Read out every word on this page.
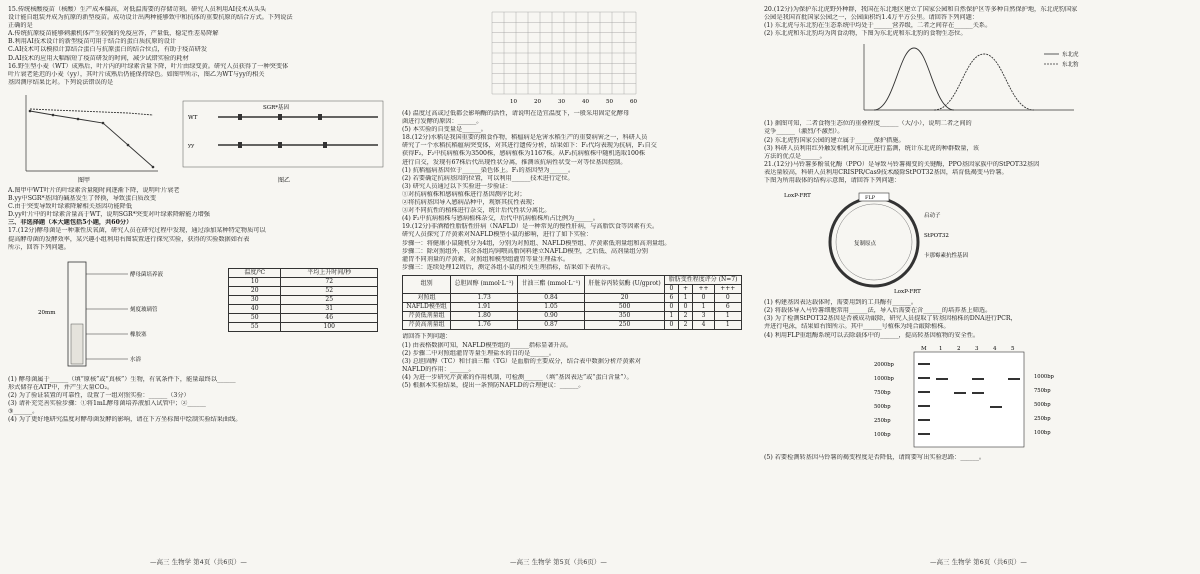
15.传统核酸疫苗（核酸）生产成本偏高，对低温需要的存储苛刻。研究人员利用AI技术从头头
设计能自组装并成为抗原的新型疫苗。成功设计出两种能够致中和抗体的重要抗原的结合方式。下列说法
正确的是
A.传统抗原疫苗能够刺激机体产生较强的免疫应答，产量低，稳定性差易降解
B.利用AI技术设计的新型疫苗可用于结合的蛋白质抗原的设计
C.AI技术可以模拟计算结合蛋白与抗原蛋白的结合位点，有助于疫苗研发
D.AI技术的应用大幅缩短了疫苗研发的时间，减少试错实验的耗材
16.野生型小麦（WT）成熟后，叶片内的叶绿素含量下降，叶片由绿变黄。研究人员获得了一种突变体
叶片衰老延迟的小麦（yy），其叶片成熟后仍能保持绿色。如图甲所示，图乙为WT与yy的相关
基因测序结果比对。下列说法错误的是
图甲
WT
yy
SGR*基因
图乙
A.图甲中WT叶片的叶绿素含量随时间逐渐下降，说明叶片衰老
B.yy中SGR*基因的碱基发生了替换，导致蛋白质改变
C.由于突变导致叶绿素降解相关基因功能降低
D.yy叶片中的叶绿素含量高于WT，说明SGR*突变对叶绿素降解能力增强
三、非选择题（本大题包括5小题，共60分）
17.(12分)酵母菌是一种兼性厌氧菌，研究人员在研究过程中发现，通过添加某种特定物质可以
提高酵母菌的发酵效率，某兴趣小组利用右图装置进行探究实验，获得的实验数据如右表
所示，回答下列问题。
酵母菌培养液
刻度玻璃管
20mm
橡胶塞
水浴
温度/℃	平均上升时间/秒
10	72
20	52
30	25
40	31
50	46
55	100
(1) 酵母菌属于______（填“原核”或“真核”）生物，有氧条件下，能量最终以______
形式储存在ATP中，并产生大量CO₂。
(2) 为了验证装置的可靠性，设置了一组对照实验：______（3分）
(3) 请补充完善实验步骤：①将1mL酵母菌培养液加入试管中；②______
③______。
(4) 为了更好地研究温度对酵母菌发酵的影响，请在下方坐标图中绘制实验结果曲线。
10	20	30	40	50	60
(4) 温度过高或过低都会影响酶的活性，请说明在适宜温度下，一般采用固定化酵母
菌进行发酵的原因：______。
(5) 本实验的自变量是______。
18.(12分)水稻是我国重要的粮食作物，稻瘟病是危害水稻生产的重要病害之一，科研人员
研究了一个水稻抗稻瘟病突变体，对其进行遗传分析，结果如下：F₁代均表现为抗病，F₁自交
获得F₂，F₂中抗病植株为3500株，感病植株为1167株。从F₂抗病植株中随机选取100株
进行自交，发现有67株后代出现性状分离，推测该抗病性状受一对等位基因控制。
(1) 抗稻瘟病基因位于______染色体上。F₁的基因型为______。
(2) 若要确定抗病基因的位置，可以利用______技术进行定位。
(3) 研究人员通过以下实验进一步验证：
①对抗病植株和感病植株进行基因测序比对；
②将抗病基因导入感病品种中，观察其抗性表现；
③对不同抗性的植株进行杂交，统计后代性状分离比。
(4) F₂中抗病植株与感病植株杂交，后代中抗病植株所占比例为______。
19.(12分)非酒精性脂肪性肝病（NAFLD）是一种常见的慢性肝病，与高脂饮食等因素有关。
研究人员探究了芹黄素对NAFLD模型小鼠的影响，进行了如下实验：
步骤一：将健康小鼠随机分为4组，分别为对照组、NAFLD模型组、芹黄素低剂量组和高剂量组。
步骤二：除对照组外，其余各组均饲喂高脂饲料建立NAFLD模型，之后低、高剂量组分别
灌胃不同剂量的芹黄素，对照组和模型组灌胃等量生理盐水。
步骤三：连续处理12周后，测定各组小鼠的相关生理指标，结果如下表所示。
组别	总胆固醇 (mmol·L⁻¹)	甘油三酯 (mmol·L⁻¹)	肝脏谷丙转氨酶 (U/gprot)	脂肪变性程度评分 (N=7)			
				0	+	++	+++
对照组	1.73	0.84	20	6	1	0	0
NAFLD模型组	1.91	1.05	500	0	0	1	6
芹黄低剂量组	1.80	0.90	350	1	2	3	1
芹黄高剂量组	1.76	0.87	250	0	2	4	1
请回答下列问题：
(1) 由表格数据可知，NAFLD模型组的______指标显著升高。
(2) 步骤二中对照组灌胃等量生理盐水的目的是______。
(3) 总胆固醇（TC）和甘油三酯（TG）是血脂的主要成分，结合表中数据分析芹黄素对
NAFLD的作用：______。
(4) 为进一步研究芹黄素的作用机制，可检测______（填“基因表达”或“蛋白含量”）。
(5) 根据本实验结果，提出一条预防NAFLD的合理建议：______。
20.(12分)为保护东北虎野外种群，我国在东北地区建立了国家公园和自然保护区等多种自然保护地，东北虎豹国家
公园是我国首批国家公园之一，公园面积约1.4万平方公里。请回答下列问题：
(1) 东北虎与东北豹在生态系统中均处于______营养级，二者之间存在______关系。
(2) 东北虎和东北豹均为肉食动物，下图为东北虎和东北豹的食物生态位。
东北虎
东北豹
(1) 据图可知，二者食物生态位的重叠程度______（大/小），说明二者之间的
竞争______（激烈/不激烈）。
(2) 东北虎豹国家公园的建立属于______保护措施。
(3) 科研人员利用红外触发相机对东北虎进行监测，统计东北虎的种群数量，该
方法的优点是______。
21.(12分)马铃薯多酚氧化酶（PPO）是导致马铃薯褐变的关键酶，PPO基因家族中的StPOT32基因
表达量较高，科研人员利用CRISPR/Cas9技术敲除StPOT32基因，培育低褐变马铃薯。
下图为所用载体的结构示意图，请回答下列问题：
LoxP-FRT	FLP
启动子
StPOT32
卡那霉素抗性基因
复制原点
LoxP-FRT
(1) 构建基因表达载体时，需要用到的工具酶有______。
(2) 将载体导入马铃薯细胞常用______法，导入后需要在含______的培养基上筛选。
(3) 为了检测StPOT32基因是否被成功敲除，研究人员提取了转基因植株的DNA进行PCR，
并进行电泳，结果如右图所示。其中______号植株为纯合敲除植株。
(4) 利用FLP重组酶系统可以去除载体中的______，提高转基因植物的安全性。
2000bp
1000bp
750bp
500bp
250bp
100bp
M 1	2	3	4	5
1000bp
750bp
500bp
250bp
100bp
(5) 若要检测转基因马铃薯的褐变程度是否降低，请简要写出实验思路：______。
—高三 生物学 第4页（共6页）—	—高三 生物学 第5页（共6页）—	—高三 生物学 第6页（共6页）—
